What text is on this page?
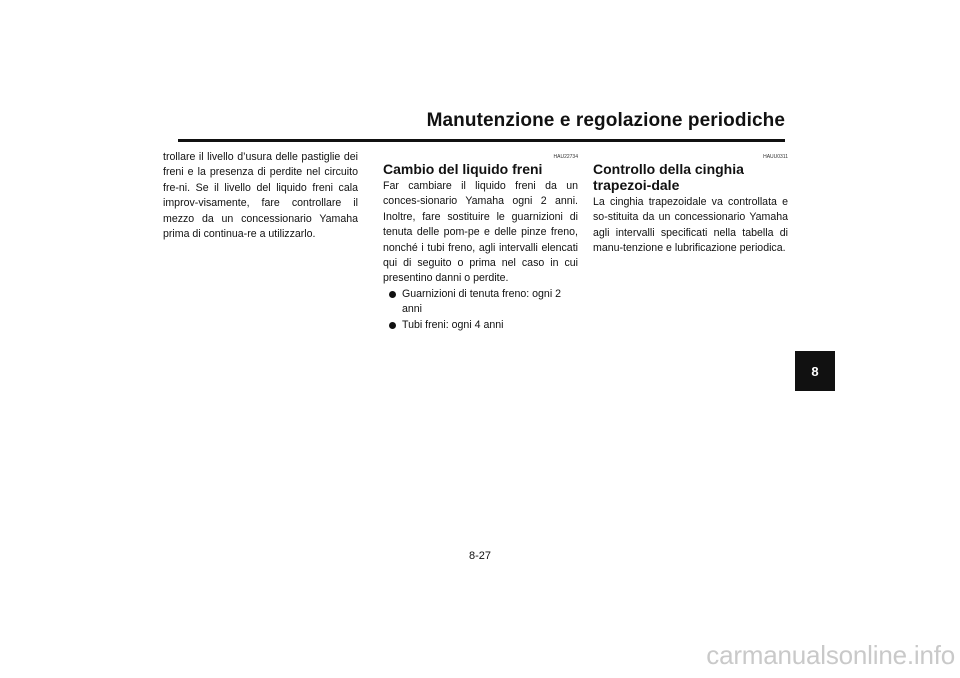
Manutenzione e regolazione periodiche
trollare il livello d’usura delle pastiglie dei freni e la presenza di perdite nel circuito fre-ni. Se il livello del liquido freni cala improv-visamente, fare controllare il mezzo da un concessionario Yamaha prima di continua-re a utilizzarlo.
HAU22734
Cambio del liquido freni
Far cambiare il liquido freni da un conces-sionario Yamaha ogni 2 anni. Inoltre, fare sostituire le guarnizioni di tenuta delle pom-pe e delle pinze freno, nonché i tubi freno, agli intervalli elencati qui di seguito o prima nel caso in cui presentino danni o perdite.
Guarnizioni di tenuta freno: ogni 2 anni
Tubi freni: ogni 4 anni
HAUU0311
Controllo della cinghia trapezoi-dale
La cinghia trapezoidale va controllata e so-stituita da un concessionario Yamaha agli intervalli specificati nella tabella di manu-tenzione e lubrificazione periodica.
8
8-27
carmanualsonline.info
